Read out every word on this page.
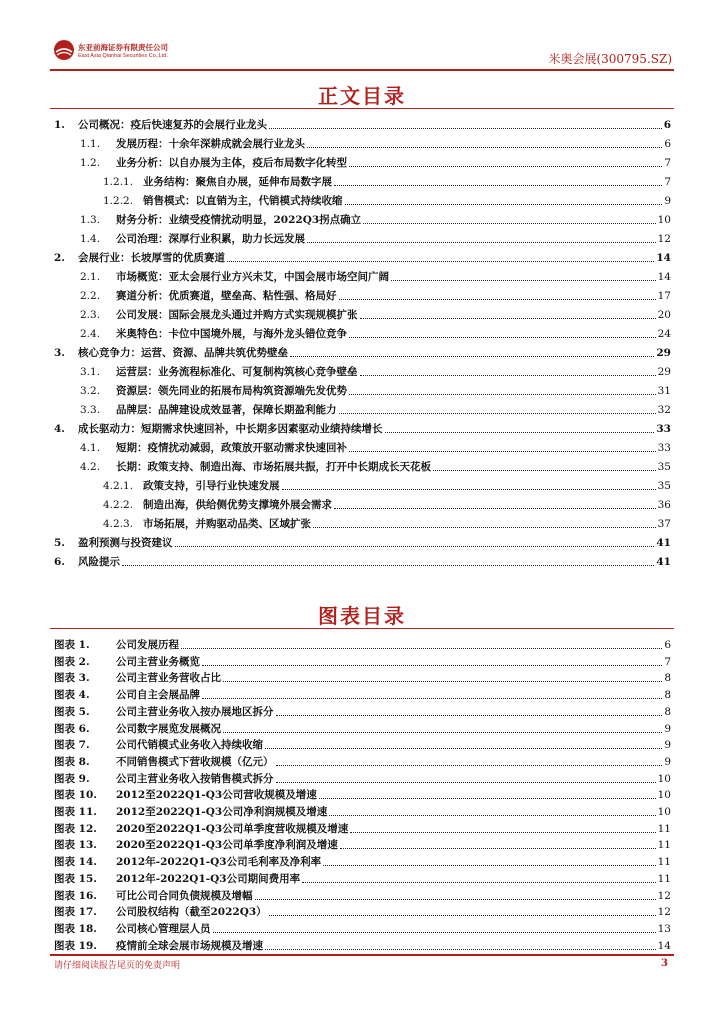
东亚前海证券有限责任公司
East Asia Qianhai Securities Co.,Ltd.	米奥会展(300795.SZ)
正文目录
1.	公司概况：疫后快速复苏的会展行业龙头	6
1.1.	发展历程：十余年深耕成就会展行业龙头	6
1.2.	业务分析：以自办展为主体，疫后布局数字化转型	7
1.2.1. 业务结构：聚焦自办展，延伸布局数字展	7
1.2.2. 销售模式：以直销为主，代销模式持续收缩	9
1.3.	财务分析：业绩受疫情扰动明显，2022Q3拐点确立	10
1.4.	公司治理：深厚行业积累，助力长远发展	12
2.	会展行业：长坡厚雪的优质赛道	14
2.1.	市场概览：亚太会展行业方兴未艾，中国会展市场空间广阔	14
2.2.	赛道分析：优质赛道，壁垒高、粘性强、格局好	17
2.3.	公司发展：国际会展龙头通过并购方式实现规模扩张	20
2.4.	米奥特色：卡位中国境外展，与海外龙头错位竞争	24
3.	核心竞争力：运营、资源、品牌共筑优势壁垒	29
3.1.	运营层：业务流程标准化、可复制构筑核心竞争壁垒	29
3.2.	资源层：领先同业的拓展布局构筑资源端先发优势	31
3.3.	品牌层：品牌建设成效显著，保障长期盈利能力	32
4.	成长驱动力：短期需求快速回补，中长期多因素驱动业绩持续增长	33
4.1.	短期：疫情扰动减弱，政策放开驱动需求快速回补	33
4.2.	长期：政策支持、制造出海、市场拓展共振，打开中长期成长天花板	35
4.2.1. 政策支持，引导行业快速发展	35
4.2.2. 制造出海，供给侧优势支撑境外展会需求	36
4.2.3. 市场拓展，并购驱动品类、区域扩张	37
5.	盈利预测与投资建议	41
6.	风险提示	41
图表目录
图表 1.	公司发展历程	6
图表 2.	公司主营业务概览	7
图表 3.	公司主营业务营收占比	8
图表 4.	公司自主会展品牌	8
图表 5.	公司主营业务收入按办展地区拆分	8
图表 6.	公司数字展览发展概况	9
图表 7.	公司代销模式业务收入持续收缩	9
图表 8.	不同销售模式下营收规模（亿元）	9
图表 9.	公司主营业务收入按销售模式拆分	10
图表 10.	2012至2022Q1-Q3公司营收规模及增速	10
图表 11.	2012至2022Q1-Q3公司净利润规模及增速	10
图表 12.	2020至2022Q1-Q3公司单季度营收规模及增速	11
图表 13.	2020至2022Q1-Q3公司单季度净利润及增速	11
图表 14.	2012年-2022Q1-Q3公司毛利率及净利率	11
图表 15.	2012年-2022Q1-Q3公司期间费用率	11
图表 16.	可比公司合同负债规模及增幅	12
图表 17.	公司股权结构（截至2022Q3）	12
图表 18.	公司核心管理层人员	13
图表 19.	疫情前全球会展市场规模及增速	14
请仔细阅读报告尾页的免责声明	3
